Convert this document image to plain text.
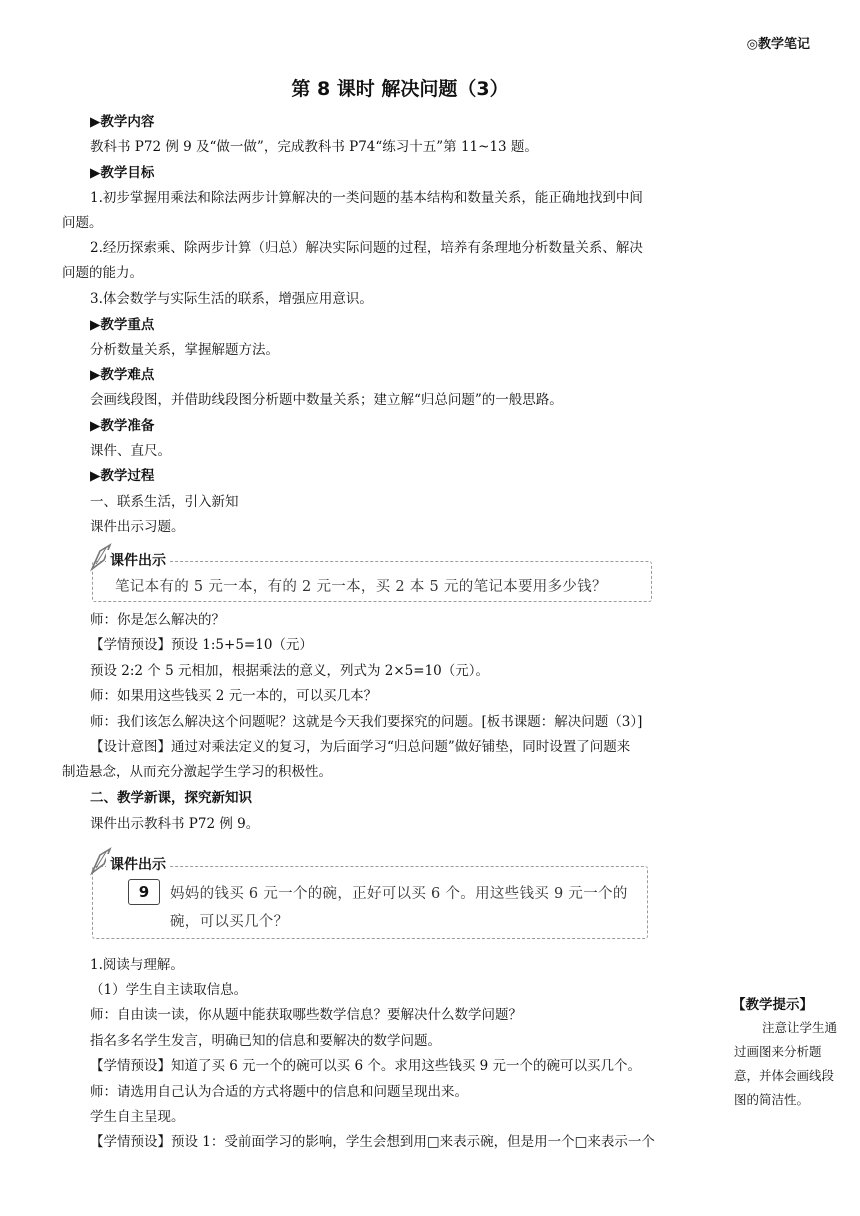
◎教学笔记
第 8 课时 解决问题（3）
▶教学内容
教科书 P72 例 9 及“做一做”，完成教科书 P74“练习十五”第 11~13 题。
▶教学目标
1.初步掌握用乘法和除法两步计算解决的一类问题的基本结构和数量关系，能正确地找到中间
问题。
2.经历探索乘、除两步计算（归总）解决实际问题的过程，培养有条理地分析数量关系、解决
问题的能力。
3.体会数学与实际生活的联系，增强应用意识。
▶教学重点
分析数量关系，掌握解题方法。
▶教学难点
会画线段图，并借助线段图分析题中数量关系；建立解“归总问题”的一般思路。
▶教学准备
课件、直尺。
▶教学过程
一、联系生活，引入新知
课件出示习题。
课件出示
笔记本有的 5 元一本，有的 2 元一本，买 2 本 5 元的笔记本要用多少钱？
师：你是怎么解决的？
【学情预设】预设 1:5+5=10（元）
预设 2:2 个 5 元相加，根据乘法的意义，列式为 2×5=10（元）。
师：如果用这些钱买 2 元一本的，可以买几本？
师：我们该怎么解决这个问题呢？这就是今天我们要探究的问题。[板书课题：解决问题（3）]
【设计意图】通过对乘法定义的复习，为后面学习“归总问题”做好铺垫，同时设置了问题来
制造悬念，从而充分激起学生学习的积极性。
二、教学新课，探究新知识
课件出示教科书 P72 例 9。
课件出示
9	妈妈的钱买 6 元一个的碗，正好可以买 6 个。用这些钱买 9 元一个的
碗，可以买几个？
1.阅读与理解。
（1）学生自主读取信息。
师：自由读一读，你从题中能获取哪些数学信息？要解决什么数学问题？
指名多名学生发言，明确已知的信息和要解决的数学问题。
【学情预设】知道了买 6 元一个的碗可以买 6 个。求用这些钱买 9 元一个的碗可以买几个。
师：请选用自己认为合适的方式将题中的信息和问题呈现出来。
学生自主呈现。
【学情预设】预设 1：受前面学习的影响，学生会想到用□来表示碗，但是用一个□来表示一个
【教学提示】
注意让学生通过画图来分析题意，并体会画线段图的简洁性。
